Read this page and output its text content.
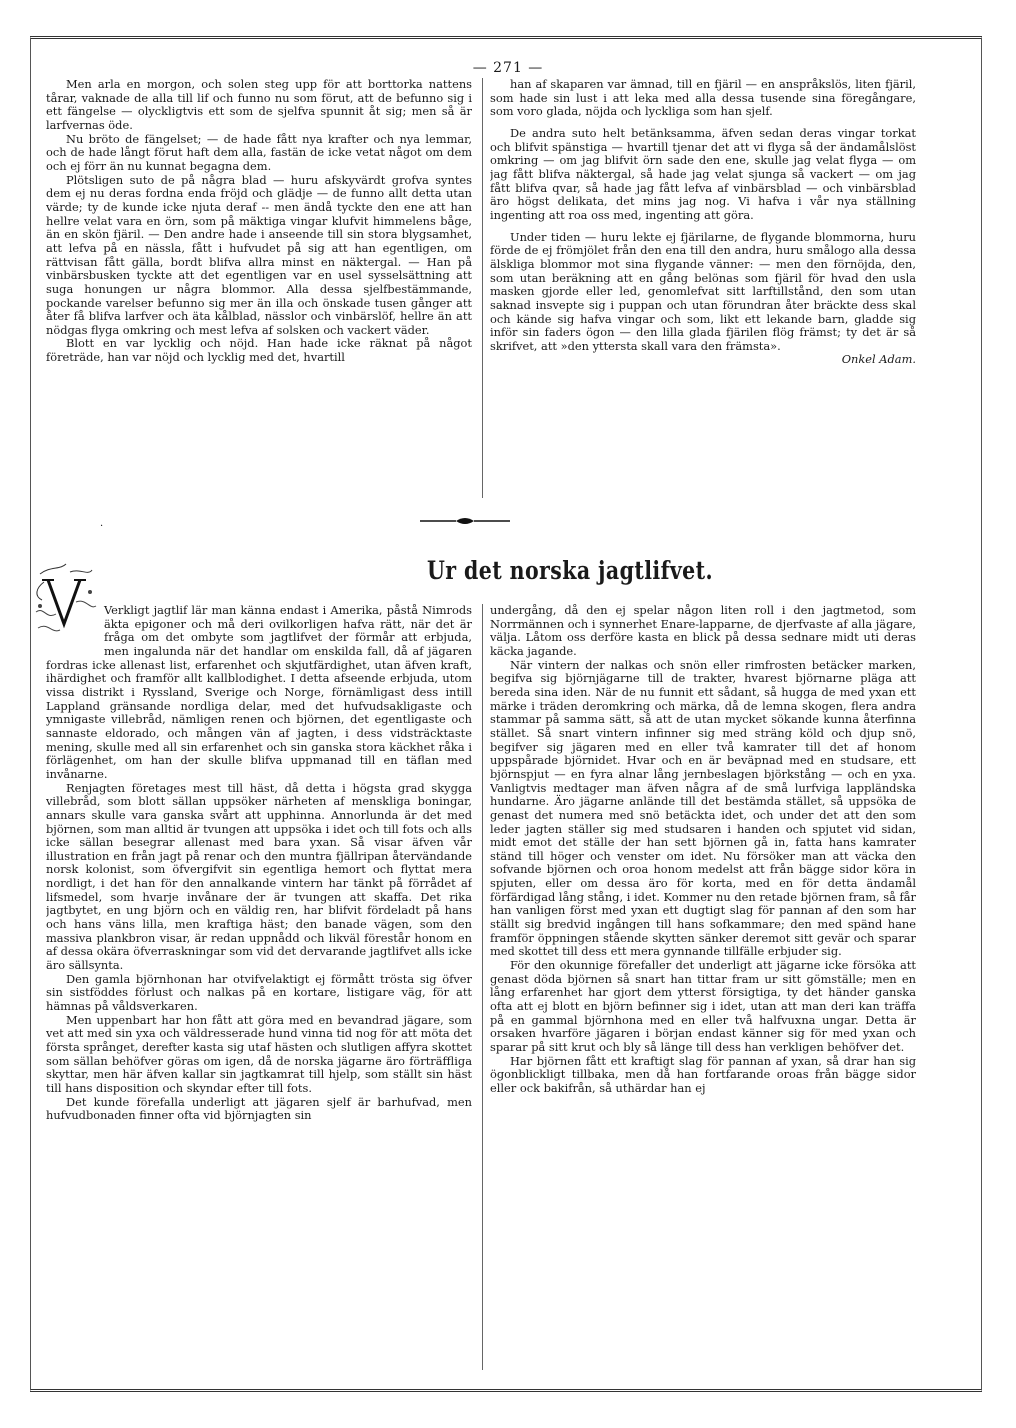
— 271 —

Men arla en morgon, och solen steg upp för att borttorka nattens tårar, vaknade de alla till lif och funno nu som förut, att de befunno sig i ett fängelse — olyckligtvis ett som de sjelfva spunnit åt sig; men så är larfvernas öde.

Nu bröto de fängelset; — de hade fått nya krafter och nya lemmar, och de hade långt förut haft dem alla, fastän de icke vetat något om dem och ej förr än nu kunnat begagna dem.

Plötsligen suto de på några blad — huru afskyvärdt grofva syntes dem ej nu deras fordna enda fröjd och glädje — de funno allt detta utan värde; ty de kunde icke njuta deraf -- men ändå tyckte den ene att han hellre velat vara en örn, som på mäktiga vingar klufvit himmelens båge, än en skön fjäril. — Den andre hade i anseende till sin stora blygsamhet, att lefva på en nässla, fått i hufvudet på sig att han egentligen, om rättvisan fått gälla, bordt blifva allra minst en näktergal. — Han på vinbärsbusken tyckte att det egentligen var en usel sysselsättning att suga honungen ur några blommor. Alla dessa sjelfbestämmande, pockande varelser befunno sig mer än illa och önskade tusen gånger att åter få blifva larfver och äta kålblad, nässlor och vinbärslöf, hellre än att nödgas flyga omkring och mest lefva af solsken och vackert väder.

Blott en var lycklig och nöjd. Han hade icke räknat på något företräde, han var nöjd och lycklig med det, hvartill

han af skaparen var ämnad, till en fjäril — en anspråkslös, liten fjäril, som hade sin lust i att leka med alla dessa tusende sina föregångare, som voro glada, nöjda och lyckliga som han sjelf.

De andra suto helt betänksamma, äfven sedan deras vingar torkat och blifvit spänstiga — hvartill tjenar det att vi flyga så der ändamålslöst omkring — om jag blifvit örn sade den ene, skulle jag velat flyga — om jag fått blifva näktergal, så hade jag velat sjunga så vackert — om jag fått blifva qvar, så hade jag fått lefva af vinbärsblad — och vinbärsblad äro högst delikata, det mins jag nog. Vi hafva i vår nya ställning ingenting att roa oss med, ingenting att göra.

Under tiden — huru lekte ej fjärilarne, de flygande blommorna, huru förde de ej frömjölet från den ena till den andra, huru smålogo alla dessa älskliga blommor mot sina flygande vänner: — men den förnöjda, den, som utan beräkning att en gång belönas som fjäril för hvad den usla masken gjorde eller led, genomlefvat sitt larftillstånd, den som utan saknad insvepte sig i puppan och utan förundran åter bräckte dess skal och kände sig hafva vingar och som, likt ett lekande barn, gladde sig inför sin faders ögon — den lilla glada fjärilen flög främst; ty det är så skrifvet, att »den yttersta skall vara den främsta».

Onkel Adam.
·
Ur det norska jagtlifvet.

Verkligt jagtlif lär man känna endast i Amerika, påstå Nimrods äkta epigoner och må deri ovilkorligen hafva rätt, när det är fråga om det ombyte som jagtlifvet der förmår att erbjuda, men ingalunda när det handlar om enskilda fall, då af jägaren fordras icke allenast list, erfarenhet och skjutfärdighet, utan äfven kraft, ihärdighet och framför allt kallblodighet. I detta afseende erbjuda, utom vissa distrikt i Ryssland, Sverige och Norge, förnämligast dess intill Lappland gränsande nordliga delar, med det hufvudsakligaste och ymnigaste villebråd, nämligen renen och björnen, det egentligaste och sannaste eldorado, och mången vän af jagten, i dess vidsträcktaste mening, skulle med all sin erfarenhet och sin ganska stora käckhet råka i förlägenhet, om han der skulle blifva uppmanad till en täflan med invånarne.

Renjagten företages mest till häst, då detta i högsta grad skygga villebråd, som blott sällan uppsöker närheten af menskliga boningar, annars skulle vara ganska svårt att upphinna. Annorlunda är det med björnen, som man alltid är tvungen att uppsöka i idet och till fots och alls icke sällan besegrar allenast med bara yxan. Så visar äfven vår illustration en från jagt på renar och den muntra fjällripan återvändande norsk kolonist, som öfvergifvit sin egentliga hemort och flyttat mera nordligt, i det han för den annalkande vintern har tänkt på förrådet af lifsmedel, som hvarje invånare der är tvungen att skaffa. Det rika jagtbytet, en ung björn och en väldig ren, har blifvit fördeladt på hans och hans väns lilla, men kraftiga häst; den banade vägen, som den massiva plankbron visar, är redan uppnådd och likväl förestår honom en af dessa okära öfverraskningar som vid det dervarande jagtlifvet alls icke äro sällsynta.

Den gamla björnhonan har otvifvelaktigt ej förmått trösta sig öfver sin sistföddes förlust och nalkas på en kortare, listigare väg, för att hämnas på våldsverkaren.

Men uppenbart har hon fått att göra med en bevandrad jägare, som vet att med sin yxa och väldresserade hund vinna tid nog för att möta det första språnget, derefter kasta sig utaf hästen och slutligen affyra skottet som sällan behöfver göras om igen, då de norska jägarne äro förträffliga skyttar, men här äfven kallar sin jagtkamrat till hjelp, som ställt sin häst till hans disposition och skyndar efter till fots.

Det kunde förefalla underligt att jägaren sjelf är barhufvad, men hufvudbonaden finner ofta vid björnjagten sin

undergång, då den ej spelar någon liten roll i den jagtmetod, som Norrmännen och i synnerhet Enare-lapparne, de djerfvaste af alla jägare, välja. Låtom oss derföre kasta en blick på dessa sednare midt uti deras käcka jagande.

När vintern der nalkas och snön eller rimfrosten betäcker marken, begifva sig björnjägarne till de trakter, hvarest björnarne pläga att bereda sina iden. När de nu funnit ett sådant, så hugga de med yxan ett märke i träden deromkring och märka, då de lemna skogen, flera andra stammar på samma sätt, så att de utan mycket sökande kunna återfinna stället. Så snart vintern infinner sig med sträng köld och djup snö, begifver sig jägaren med en eller två kamrater till det af honom uppspårade björnidet. Hvar och en är beväpnad med en studsare, ett björnspjut — en fyra alnar lång jernbeslagen björkstång — och en yxa. Vanligtvis medtager man äfven några af de små lurfviga lappländska hundarne. Äro jägarne anlände till det bestämda stället, så uppsöka de genast det numera med snö betäckta idet, och under det att den som leder jagten ställer sig med studsaren i handen och spjutet vid sidan, midt emot det ställe der han sett björnen gå in, fatta hans kamrater ständ till höger och venster om idet. Nu försöker man att väcka den sofvande björnen och oroa honom medelst att från bägge sidor köra in spjuten, eller om dessa äro för korta, med en för detta ändamål förfärdigad lång stång, i idet. Kommer nu den retade björnen fram, så får han vanligen först med yxan ett dugtigt slag för pannan af den som har ställt sig bredvid ingången till hans sofkammare; den med spänd hane framför öppningen stående skytten sänker deremot sitt gevär och sparar med skottet till dess ett mera gynnande tillfälle erbjuder sig.

För den okunnige förefaller det underligt att jägarne icke försöka att genast döda björnen så snart han tittar fram ur sitt gömställe; men en lång erfarenhet har gjort dem ytterst försigtiga, ty det händer ganska ofta att ej blott en björn befinner sig i idet, utan att man deri kan träffa på en gammal björnhona med en eller två halfvuxna ungar. Detta är orsaken hvarföre jägaren i början endast känner sig för med yxan och sparar på sitt krut och bly så länge till dess han verkligen behöfver det.

Har björnen fått ett kraftigt slag för pannan af yxan, så drar han sig ögonblickligt tillbaka, men då han fortfarande oroas från bägge sidor eller ock bakifrån, så uthärdar han ej
